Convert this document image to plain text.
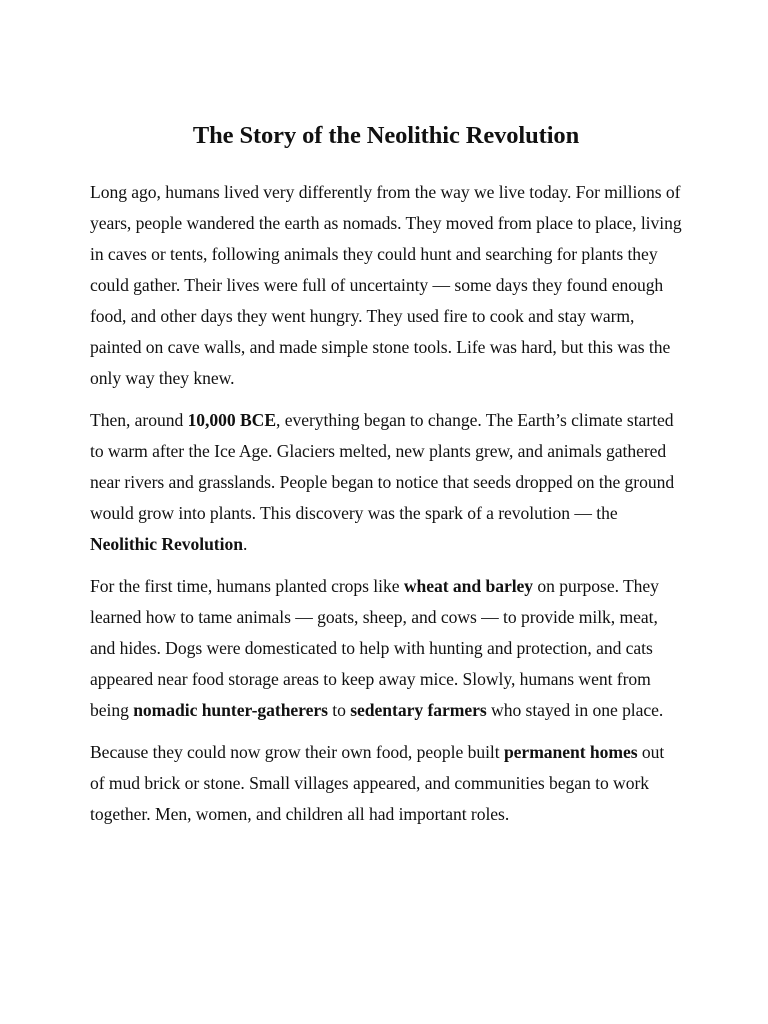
The Story of the Neolithic Revolution

Long ago, humans lived very differently from the way we live today. For millions of years, people wandered the earth as nomads. They moved from place to place, living in caves or tents, following animals they could hunt and searching for plants they could gather. Their lives were full of uncertainty — some days they found enough food, and other days they went hungry. They used fire to cook and stay warm, painted on cave walls, and made simple stone tools. Life was hard, but this was the only way they knew.

Then, around 10,000 BCE, everything began to change. The Earth’s climate started to warm after the Ice Age. Glaciers melted, new plants grew, and animals gathered near rivers and grasslands. People began to notice that seeds dropped on the ground would grow into plants. This discovery was the spark of a revolution — the Neolithic Revolution.

For the first time, humans planted crops like wheat and barley on purpose. They learned how to tame animals — goats, sheep, and cows — to provide milk, meat, and hides. Dogs were domesticated to help with hunting and protection, and cats appeared near food storage areas to keep away mice. Slowly, humans went from being nomadic hunter-gatherers to sedentary farmers who stayed in one place.

Because they could now grow their own food, people built permanent homes out of mud brick or stone. Small villages appeared, and communities began to work together. Men, women, and children all had important roles.
